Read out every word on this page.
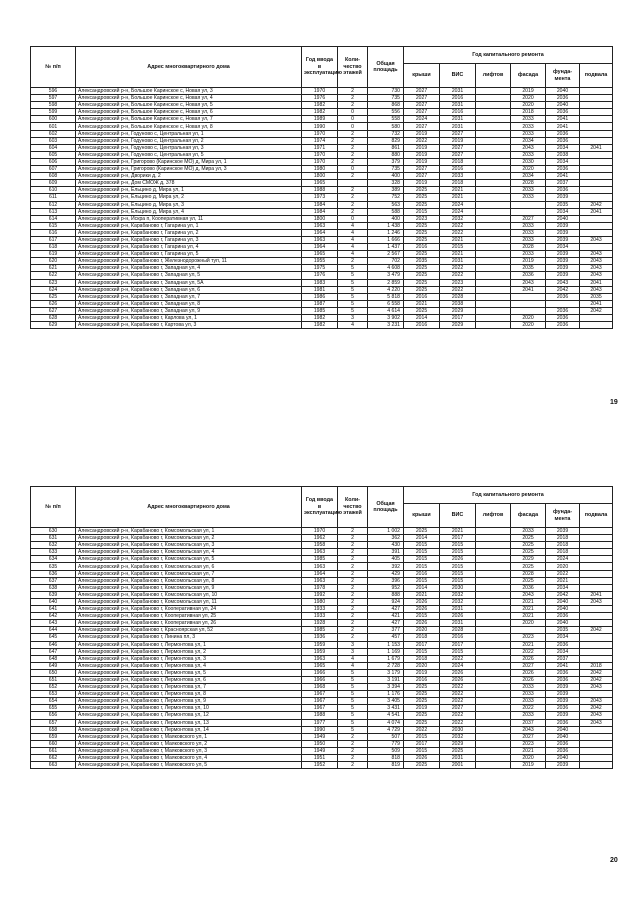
№ п/п	Адрес многоквартирного дома	Год ввода в эксплуатацию	Коли-чество этажей	Общая площадь	Год капитального ремонта					
					крыши	ВИС	лифтов	фасада	фунда-мента	подвала
596	Александровский р-н, Большое Каринское с, Новая ул, 3	1970	2	730	2027	2031		2019	2040	
597	Александровский р-н, Большое Каринское с, Новая ул, 4	1976	2	735	2027	2016		2020	2036	
598	Александровский р-н, Большое Каринское с, Новая ул, 5	1982	2	868	2027	2031		2020	2040	
599	Александровский р-н, Большое Каринское с, Новая ул, 6	1982	0	556	2027	2016		2018	2036	
600	Александровский р-н, Большое Каринское с, Новая ул, 7	1989	0	558	2024	2031		2033	2041	
601	Александровский р-н, Большое Каринское с, Новая ул, 8	1990	0	580	2027	2031		2033	2041	
602	Александровский р-н, Годуново с, Центральная ул, 1	1970	2	732	2019	2027		2033	2036	
603	Александровский р-н, Годуново с, Центральная ул, 2	1974	2	829	2022	2019		2034	2036	
604	Александровский р-н, Годуново с, Центральная ул, 3	1971	2	861	2019	2027		2043	2034	2041
605	Александровский р-н, Годуново с, Центральная ул, 5	1970	2	880	2019	2027		2033	2038	
606	Александровский р-н, Григорово (Каринское МО) д, Мира ул, 1	1970	2	379	2019	2018		2030	2034	
607	Александровский р-н, Григорово (Каринское МО) д, Мира ул, 3	1980	0	735	2027	2016		2020	2036	
608	Александровский р-н, Дворики д, 2	1800	2	400	2027	2033		2034	2041	
609	Александровский р-н, Дом СМОЖ д, 378	1965		328	2019	2018		2028	2037	
610	Александровский р-н, Ельцино д, Мира ул, 1	1988	2	389	2025	2021		2033	2036	
611	Александровский р-н, Ельцино д, Мира ул, 2	1973	2	752	2025	2021		2033	2039	
612	Александровский р-н, Ельцино д, Мира ул, 3	1984	2	563	2025	2024			2035	2042
613	Александровский р-н, Ельцино д, Мира ул, 4	1984	2	588	2015	2024			2034	2041
614	Александровский р-н, Искра п, Кооперативная ул, 11	1800	0	400	2023	2032		2027	2040	
615	Александровский р-н, Карабаново г, Гагарина ул, 1	1963	4	1 438	2025	2022		2033	2039	
616	Александровский р-н, Карабаново г, Гагарина ул, 2	1964	4	1 246	2025	2022		2033	2039	
617	Александровский р-н, Карабаново г, Гагарина ул, 3	1963	4	1 666	2025	2021		2033	2039	2043
618	Александровский р-н, Карабаново г, Гагарина ул, 4	1964	4	1 437	2016	2015		2028	2034	
619	Александровский р-н, Карабаново г, Гагарина ул, 5	1965	4	2 567	2025	2021		2033	2039	2043
620	Александровский р-н, Карабаново г, Железнодорожный туп, 11	1955	2	702	2035	2031		2019	2039	2043
621	Александровский р-н, Карабаново г, Западная ул, 4	1975	5	4 608	2025	2022		2035	2039	2043
622	Александровский р-н, Карабаново г, Западная ул, 5	1976	5	3 479	2025	2022		2036	2039	2043
623	Александровский р-н, Карабаново г, Западная ул, 5А	1983	5	2 859	2025	2023		2043	2043	2041
624	Александровский р-н, Карабаново г, Западная ул, 6	1981	5	4 220	2025	2022		2041	2042	2043
625	Александровский р-н, Карабаново г, Западная ул, 7	1986	5	5 818	2016	2028			2036	2035
626	Александровский р-н, Карабаново г, Западная ул, 8	1987	5	6 558	2021	2038				2041
627	Александровский р-н, Карабаново г, Западная ул, 9	1985	5	4 614	2025	2029			2036	2042
628	Александровский р-н, Карабаново г, Карлова ул, 1	1982	3	3 902	2014	2017		2020	2036	
629	Александровский р-н, Карабаново г, Картова ул, 3	1982	4	3 231	2016	2029		2020	2036	
19
№ п/п	Адрес многоквартирного дома	Год ввода в эксплуатацию	Коли-чество этажей	Общая площадь	Год капитального ремонта					
					крыши	ВИС	лифтов	фасада	фунда-мента	подвала
630	Александровский р-н, Карабаново г, Комсомольская ул, 1	1970	2	1 002	2025	2021		2033	2039	
631	Александровский р-н, Карабаново г, Комсомольская ул, 2	1962	2	362	2014	2017		2025	2018	
632	Александровский р-н, Карабаново г, Комсомольская ул, 3	1958	2	430	2015	2015		2025	2018	
633	Александровский р-н, Карабаново г, Комсомольская ул, 4	1963	2	391	2015	2015		2025	2018	
634	Александровский р-н, Карабаново г, Комсомольская ул, 5	1985	2	405	2015	2026		2029	2024	
635	Александровский р-н, Карабаново г, Комсомольская ул, 6	1963	2	392	2015	2015		2025	2020	
636	Александровский р-н, Карабаново г, Комсомольская ул, 7	1964	2	429	2016	2015		2028	2022	
637	Александровский р-н, Карабаново г, Комсомольская ул, 8	1963	2	396	2015	2015		2025	2021	
638	Александровский р-н, Карабаново г, Комсомольская ул, 9	1978	2	952	2014	2030		2036	2034	
639	Александровский р-н, Карабаново г, Комсомольская ул, 10	1992	2	888	2021	2032		2043	2042	2041
640	Александровский р-н, Карабаново г, Комсомольская ул, 11	1980	2	924	2026	2032		2021	2040	2043
641	Александровский р-н, Карабаново г, Кооперативная ул, 24	1933	2	427	2026	2031		2021	2040	
642	Александровский р-н, Карабаново г, Кооперативная ул, 25	1933	2	421	2015	2026		2021	2036	
643	Александровский р-н, Карабаново г, Кооперативная ул, 26	1928	2	427	2026	2031		2020	2040	
644	Александровский р-н, Карабаново г, Красноярская ул, 52	1985	2	377	2020	2028			2035	2042
645	Александровский р-н, Карабаново г, Линина пл, 3	1936	2	457	2018	2016		2023	2034	
646	Александровский р-н, Карабаново г, Лермонтова ул, 1	1959	3	1 153	2017	2017		2021	2036	
647	Александровский р-н, Карабаново г, Лермонтова ул, 2	1959	3	1 169	2015	2015		2022	2034	
648	Александровский р-н, Карабаново г, Лермонтова ул, 3	1963	4	1 679	2018	2022		2026	2037	
649	Александровский р-н, Карабаново г, Лермонтова ул, 4	1965	4	2 728	2020	2024		2027	2041	2018
650	Александровский р-н, Карабаново г, Лермонтова ул, 5	1966	5	3 179	2019	2026		2026	2036	2042
651	Александровский р-н, Карабаново г, Лермонтова ул, 6	1966	5	3 191	2016	2026		2026	2036	2042
652	Александровский р-н, Карабаново г, Лермонтова ул, 7	1968	5	3 394	2025	2022		2033	2039	2043
653	Александровский р-н, Карабаново г, Лермонтова ул, 8	1967	5	1 176	2025	2022		2033	2039	
654	Александровский р-н, Карабаново г, Лермонтова ул, 9	1967	5	3 405	2025	2022		2033	2039	2043
655	Александровский р-н, Карабаново г, Лермонтова ул, 10	1967	5	3 431	2019	2027		2022	2036	2042
656	Александровский р-н, Карабаново г, Лермонтова ул, 12	1988	5	4 541	2025	2022		2033	2039	2043
657	Александровский р-н, Карабаново г, Лермонтова ул, 13	1977	5	4 074	2025	2022		2037	2036	2043
658	Александровский р-н, Карабаново г, Лермонтова ул, 14	1990	5	4 729	2022	2030		2043	2040	
659	Александровский р-н, Карабаново г, Маяковского ул, 1	1949	2	507	2015	2032		2027	2040	
660	Александровский р-н, Карабаново г, Маяковского ул, 2	1950	2	779	2017	2029		2023	2036	
661	Александровский р-н, Карабаново г, Маяковского ул, 3	1949	2	509	2015	2025		2021	2036	
662	Александровский р-н, Карабаново г, Маяковского ул, 4	1951	2	818	2026	2031		2020	2040	
663	Александровский р-н, Карабаново г, Маяковского ул, 5	1952	2	819	2025	2001		2019	2039	
20
